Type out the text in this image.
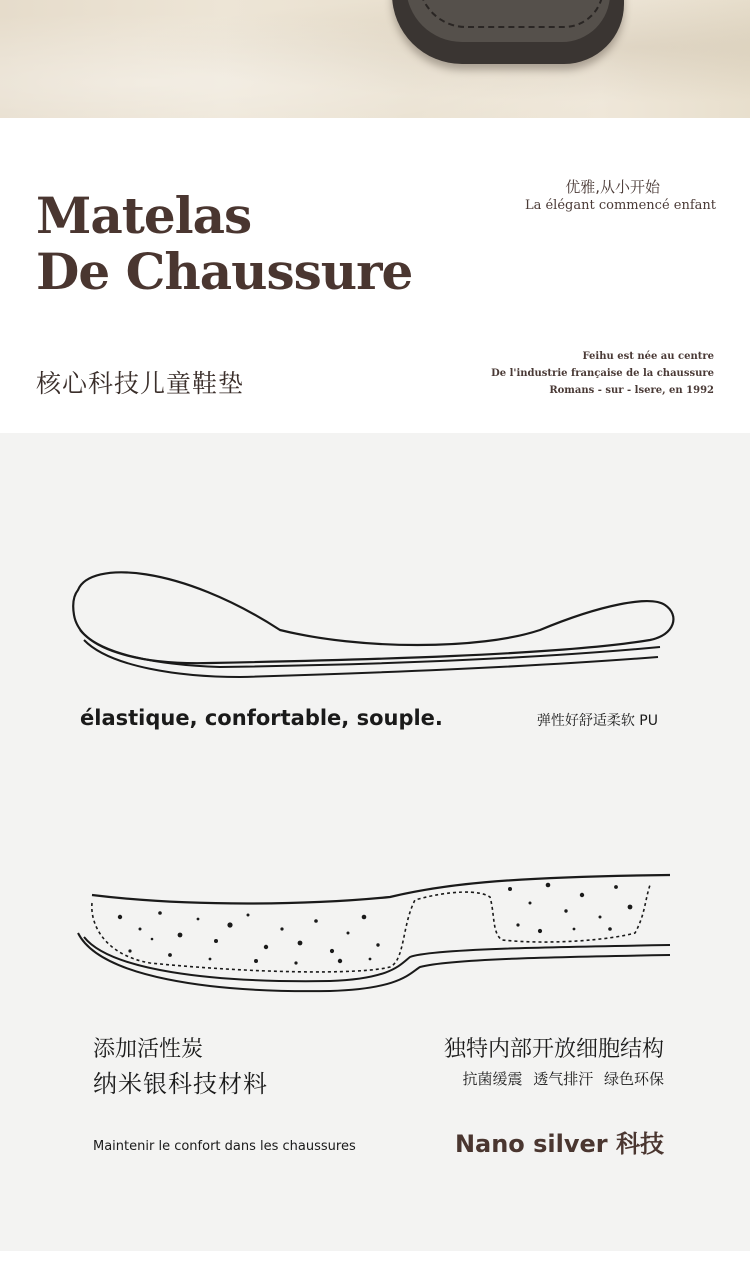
Matelas
De Chaussure
核心科技儿童鞋垫
优雅,从小开始
La élégant commencé enfant
Feihu est née au centre
De l'industrie française de la chaussure
Romans - sur - lsere, en 1992
élastique, confortable, souple.	弹性好舒适柔软 PU
添加活性炭
纳米银科技材料
独特内部开放细胞结构
抗菌缓震 透气排汗 绿色环保
Maintenir le confort dans les chaussures	Nano silver 科技
